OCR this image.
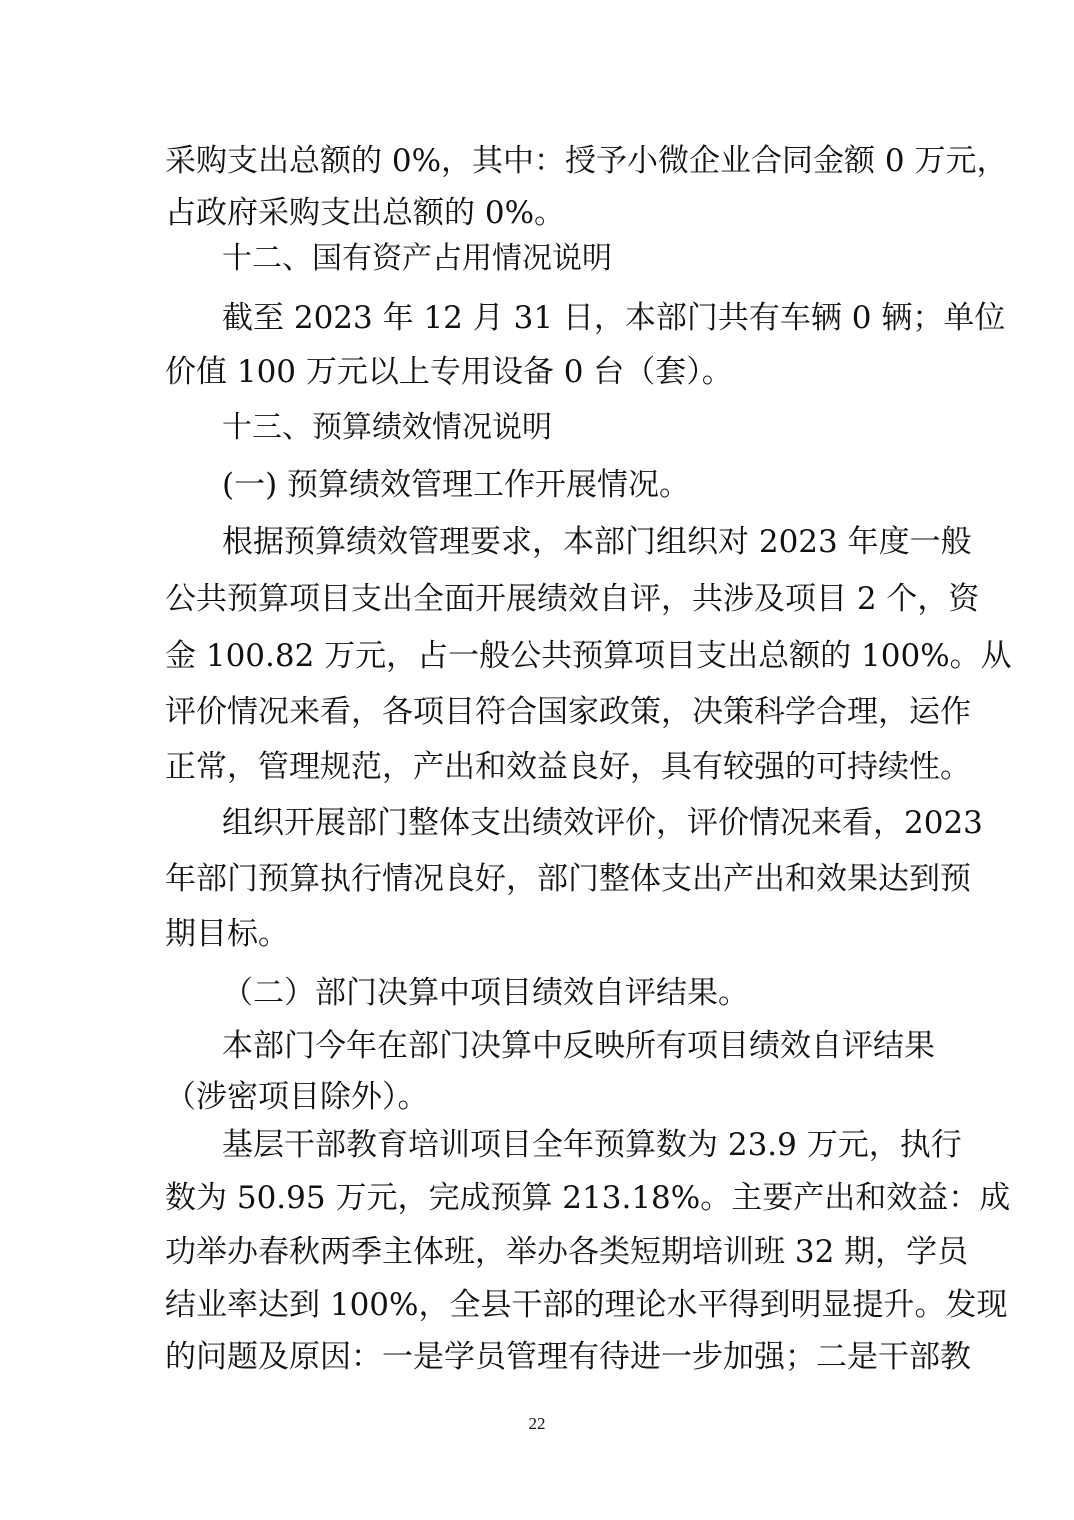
采购支出总额的 0%，其中：授予小微企业合同金额 0 万元，
占政府采购支出总额的 0%。
十二、国有资产占用情况说明
截至 2023 年 12 月 31 日，本部门共有车辆 0 辆；单位
价值 100 万元以上专用设备 0 台（套）。
十三、预算绩效情况说明
(一) 预算绩效管理工作开展情况。
根据预算绩效管理要求，本部门组织对 2023 年度一般
公共预算项目支出全面开展绩效自评，共涉及项目 2 个，资
金 100.82 万元，占一般公共预算项目支出总额的 100%。从
评价情况来看，各项目符合国家政策，决策科学合理，运作
正常，管理规范，产出和效益良好，具有较强的可持续性。
组织开展部门整体支出绩效评价，评价情况来看，2023
年部门预算执行情况良好，部门整体支出产出和效果达到预
期目标。
（二）部门决算中项目绩效自评结果。
本部门今年在部门决算中反映所有项目绩效自评结果
（涉密项目除外）。
基层干部教育培训项目全年预算数为 23.9 万元，执行
数为 50.95 万元，完成预算 213.18%。主要产出和效益：成
功举办春秋两季主体班，举办各类短期培训班 32 期，学员
结业率达到 100%，全县干部的理论水平得到明显提升。发现
的问题及原因：一是学员管理有待进一步加强；二是干部教
22
